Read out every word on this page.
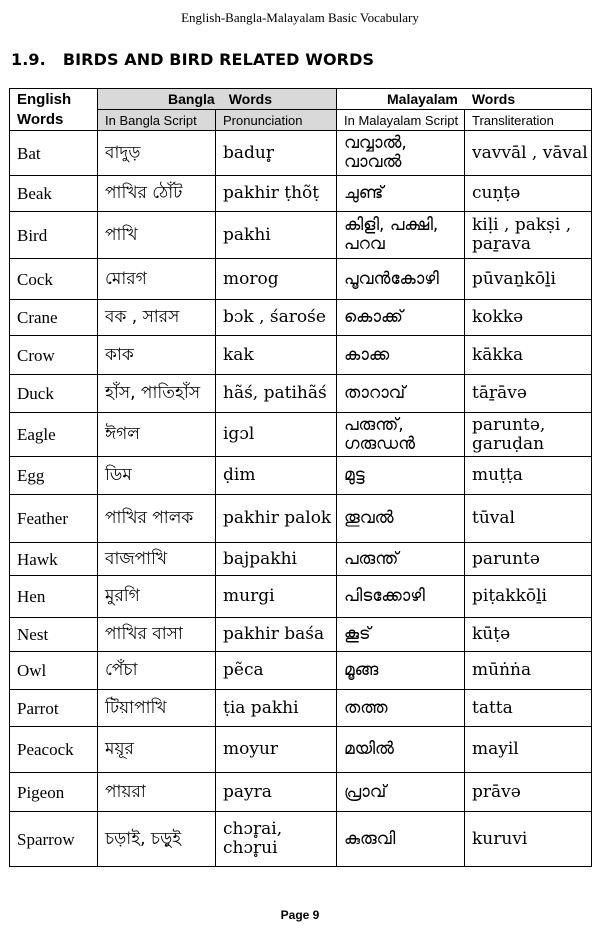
English-Bangla-Malayalam Basic Vocabulary
1.9.   BIRDS AND BIRD RELATED WORDS
English
Words	Bangla Words		Malayalam Words	
	In Bangla Script	Pronunciation	In Malayalam Script	Transliteration
Bat	বাদুড়	badur̥	വവ്വാൽ, വാവൽ	vavvāl , vāval
Beak	পাখির ঠোঁট	pakhir ṭhõṭ	ചുണ്ട്	cuṇṭə
Bird	পাখি	pakhi	കിളി, പക്ഷി, പറവ	kiḷi , pakṣi , paṟava
Cock	মোরগ	morog	പൂവൻകോഴി	pūvaṉkōḻi
Crane	বক , সারস	bɔk , śarośe	കൊക്ക്	kokkə
Crow	কাক	kak	കാക്ക	kākka
Duck	হাঁস, পাতিহাঁস	hãś, patihãś	താറാവ്	tāṟāvə
Eagle	ঈগল	igɔl	പരുന്ത്, ഗരുഡൻ	paruntə, garuḍan
Egg	ডিম	ḍim	മുട്ട	muṭṭa
Feather	পাখির পালক	pakhir palok	തൂവൽ	tūval
Hawk	বাজপাখি	bajpakhi	പരുന്ത്	paruntə
Hen	মুরগি	murgi	പിടക്കോഴി	piṭakkōḻi
Nest	পাখির বাসা	pakhir baśa	കൂട്	kūṭə
Owl	পেঁচা	pẽca	മൂങ്ങ	mūṅṅa
Parrot	টিয়াপাখি	ṭia pakhi	തത്ത	tatta
Peacock	ময়ূর	moyur	മയിൽ	mayil
Pigeon	পায়রা	payra	പ്രാവ്	prāvə
Sparrow	চড়াই, চড়ুই	chɔr̥ai, chɔr̥ui	കുരുവി	kuruvi
Page 9
